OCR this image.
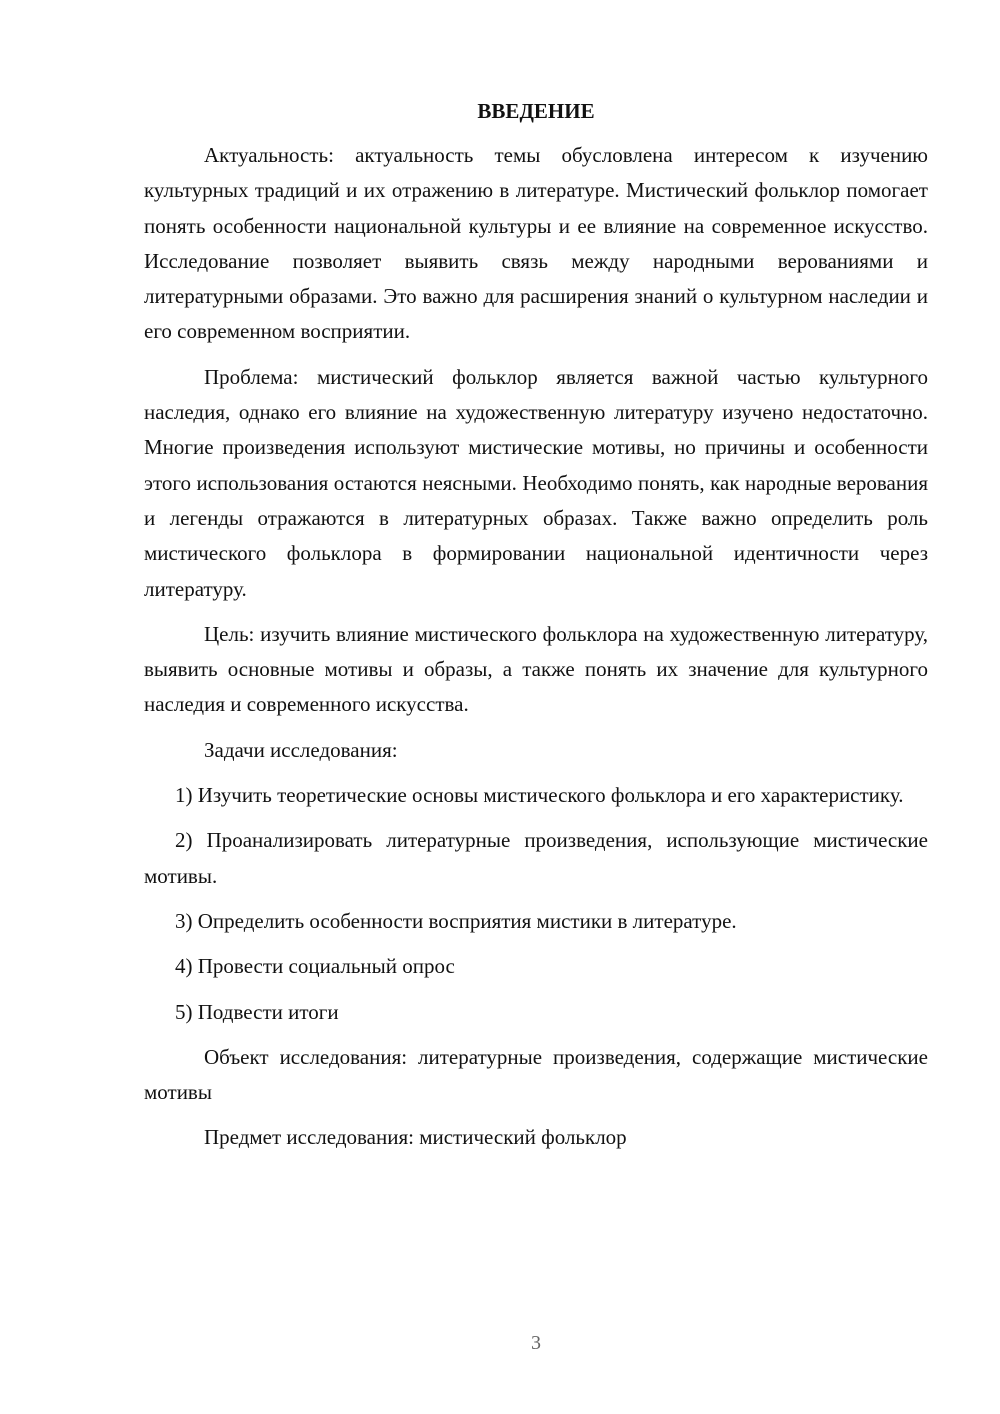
ВВЕДЕНИЕ

Актуальность: актуальность темы обусловлена интересом к изучению культурных традиций и их отражению в литературе. Мистический фольклор помогает понять особенности национальной культуры и ее влияние на современное искусство. Исследование позволяет выявить связь между народными верованиями и литературными образами. Это важно для расширения знаний о культурном наследии и его современном восприятии.

Проблема: мистический фольклор является важной частью культурного наследия, однако его влияние на художественную литературу изучено недостаточно. Многие произведения используют мистические мотивы, но причины и особенности этого использования остаются неясными. Необходимо понять, как народные верования и легенды отражаются в литературных образах. Также важно определить роль мистического фольклора в формировании национальной идентичности через литературу.

Цель: изучить влияние мистического фольклора на художественную литературу, выявить основные мотивы и образы, а также понять их значение для культурного наследия и современного искусства.

Задачи исследования:

1) Изучить теоретические основы мистического фольклора и его характеристику.

2) Проанализировать литературные произведения, использующие мистические мотивы.

3) Определить особенности восприятия мистики в литературе.

4) Провести социальный опрос

5) Подвести итоги

Объект исследования: литературные произведения, содержащие мистические мотивы

Предмет исследования: мистический фольклор

3
